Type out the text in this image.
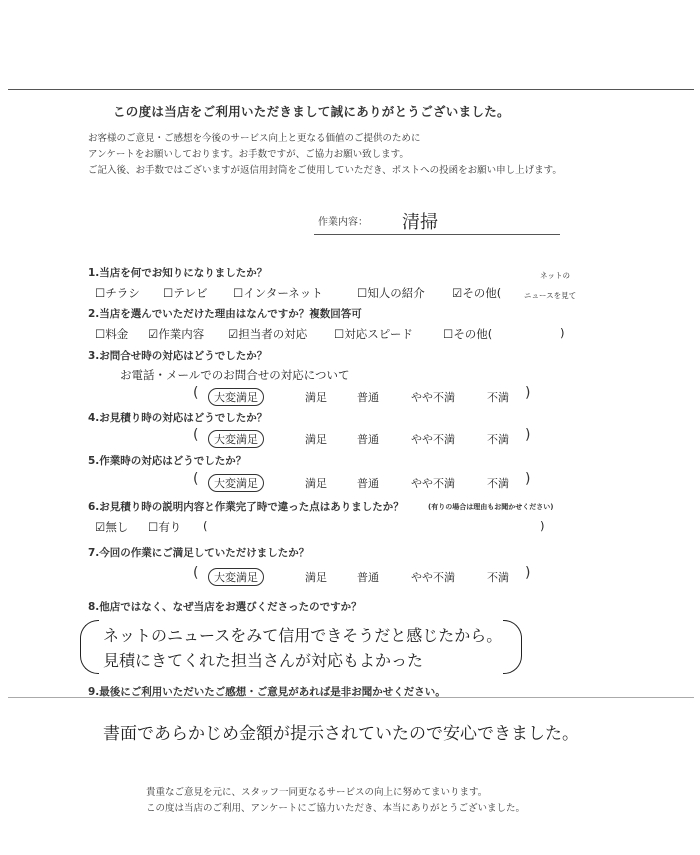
この度は当店をご利用いただきまして誠にありがとうございました。
お客様のご意見・ご感想を今後のサービス向上と更なる価値のご提供のために
アンケートをお願いしております。お手数ですが、ご協力お願い致します。
ご記入後、お手数ではございますが返信用封筒をご使用していただき、ポストへの投函をお願い申し上げます。
作業内容： 清掃
1.当店を何でお知りになりましたか？
☐チラシ ☐テレビ ☐インターネット	☐知人の紹介 ☑その他(
ネットの
ニュースを見て
2.当店を選んでいただけた理由はなんですか？複数回答可
☐料金 ☑作業内容 ☑担当者の対応 ☐対応スピード	☐その他(	)
3.お問合せ時の対応はどうでしたか？
お電話・メールでのお問合せの対応について
(	大変満足	満足	普通	やや不満	不満 )
4.お見積り時の対応はどうでしたか？
(	大変満足	満足	普通	やや不満	不満 )
5.作業時の対応はどうでしたか？
(	大変満足	満足	普通	やや不満	不満 )
6.お見積り時の説明内容と作業完了時で違った点はありましたか？	(有りの場合は理由もお聞かせください)
☑無し ☐有り (	)
7.今回の作業にご満足していただけましたか？
(	大変満足	満足	普通	やや不満	不満 )
8.他店ではなく、なぜ当店をお選びくださったのですか？
ネットのニュースをみて信用できそうだと感じたから。
見積にきてくれた担当さんが対応もよかった
9.最後にご利用いただいたご感想・ご意見があれば是非お聞かせください。
書面であらかじめ金額が提示されていたので安心できました。
貴重なご意見を元に、スタッフ一同更なるサービスの向上に努めてまいります。
この度は当店のご利用、アンケートにご協力いただき、本当にありがとうございました。
